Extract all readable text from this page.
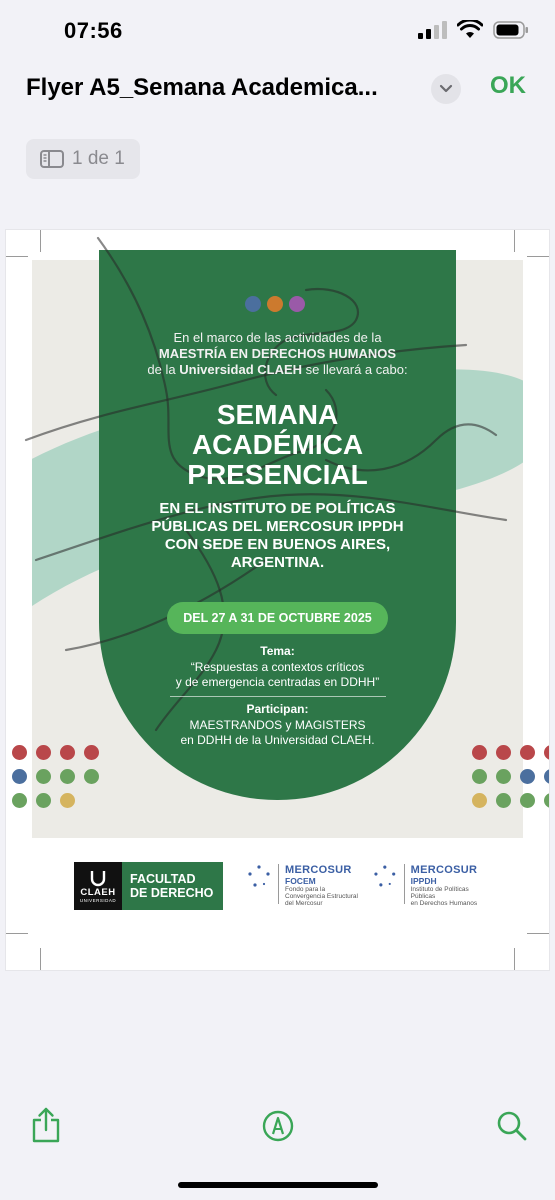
07:56
Flyer A5_Semana Academica...	OK
1 de 1
En el marco de las actividades de la
MAESTRÍA EN DERECHOS HUMANOS
de la Universidad CLAEH se llevará a cabo:
SEMANA
ACADÉMICA
PRESENCIAL
EN EL INSTITUTO DE POLÍTICAS
PÚBLICAS DEL MERCOSUR IPPDH
CON SEDE EN BUENOS AIRES,
ARGENTINA.
DEL 27 A 31 DE OCTUBRE 2025
Tema:
“Respuestas a contextos críticos
y de emergencia centradas en DDHH”
Participan:
MAESTRANDOS y MAGISTERS
en DDHH de la Universidad CLAEH.
CLAEH
UNIVERSIDAD
FACULTAD
DE DERECHO
MERCOSUR
FOCEM
Fondo para la
Convergencia Estructural
del Mercosur
MERCOSUR
IPPDH
Instituto de Políticas Públicas
en Derechos Humanos
